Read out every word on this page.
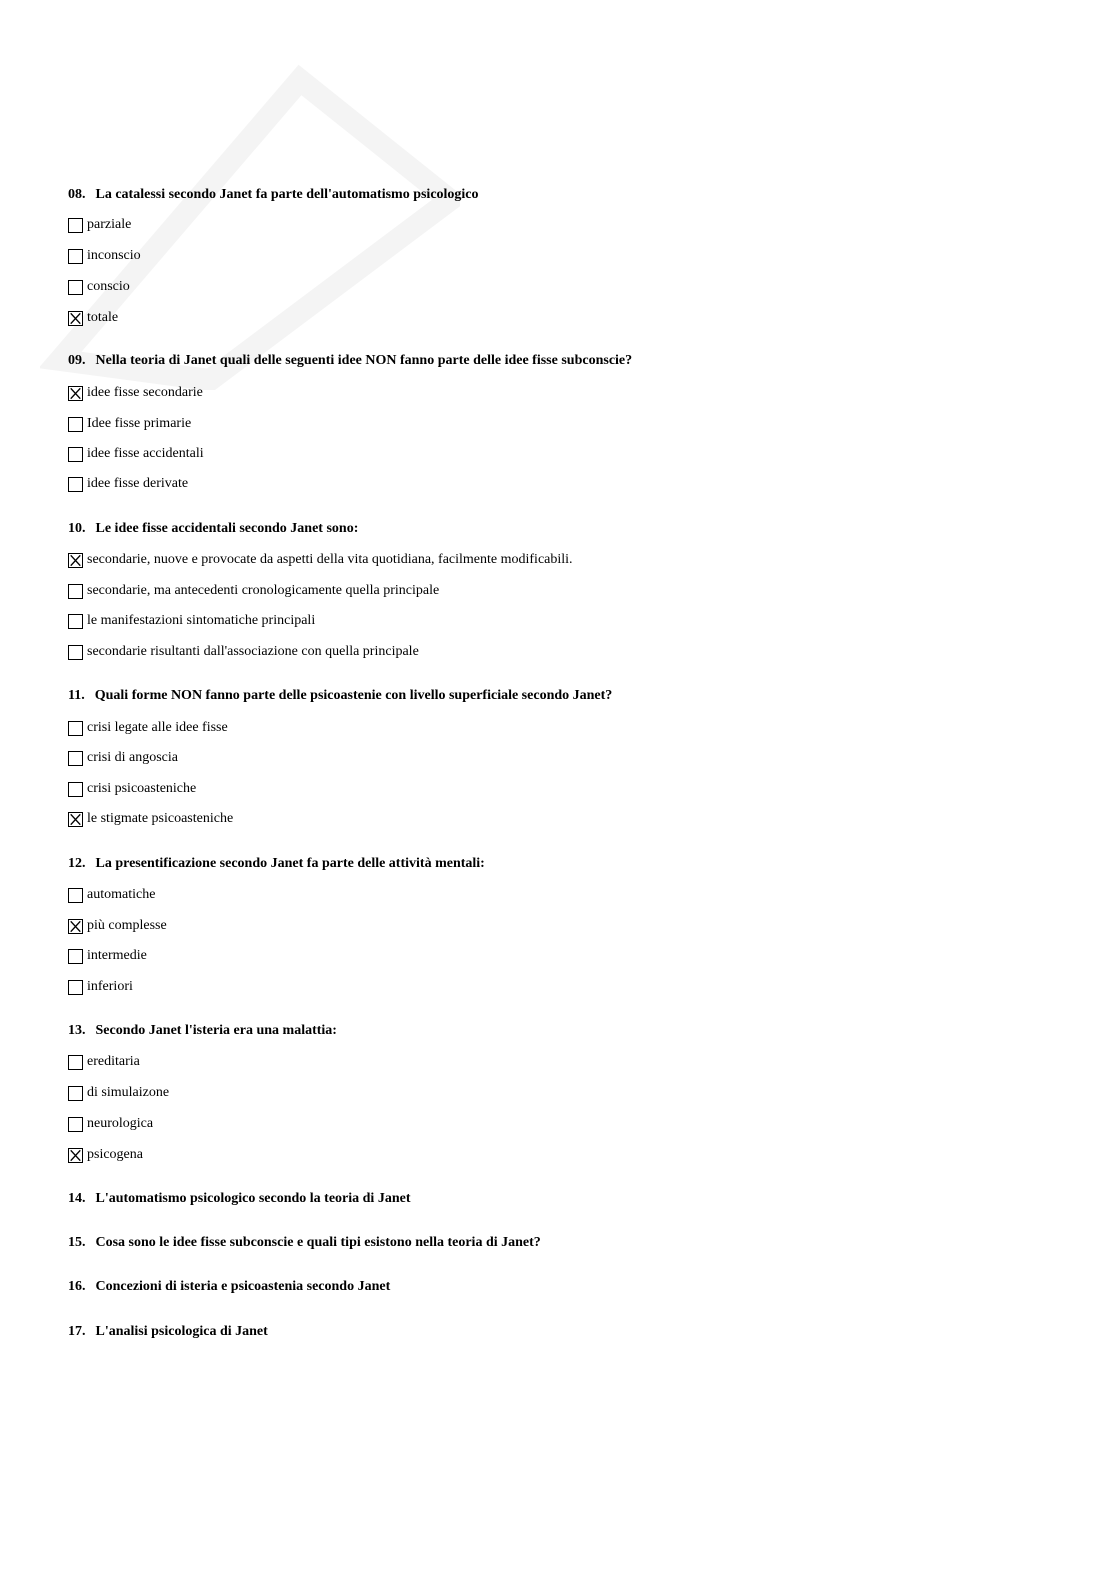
08. La catalessi secondo Janet fa parte dell'automatismo psicologico
parziale
inconscio
conscio
totale
09. Nella teoria di Janet quali delle seguenti idee NON fanno parte delle idee fisse subconscie?
idee fisse secondarie
Idee fisse primarie
idee fisse accidentali
idee fisse derivate
10. Le idee fisse accidentali secondo Janet sono:
secondarie, nuove e provocate da aspetti della vita quotidiana, facilmente modificabili.
secondarie, ma antecedenti cronologicamente quella principale
le manifestazioni sintomatiche principali
secondarie risultanti dall'associazione con quella principale
11. Quali forme NON fanno parte delle psicoastenie con livello superficiale secondo Janet?
crisi legate alle idee fisse
crisi di angoscia
crisi psicoasteniche
le stigmate psicoasteniche
12. La presentificazione secondo Janet fa parte delle attività mentali:
automatiche
più complesse
intermedie
inferiori
13. Secondo Janet l'isteria era una malattia:
ereditaria
di simulaizone
neurologica
psicogena
14. L'automatismo psicologico secondo la teoria di Janet
15. Cosa sono le idee fisse subconscie e quali tipi esistono nella teoria di Janet?
16. Concezioni di isteria e psicoastenia secondo Janet
17. L'analisi psicologica di Janet
